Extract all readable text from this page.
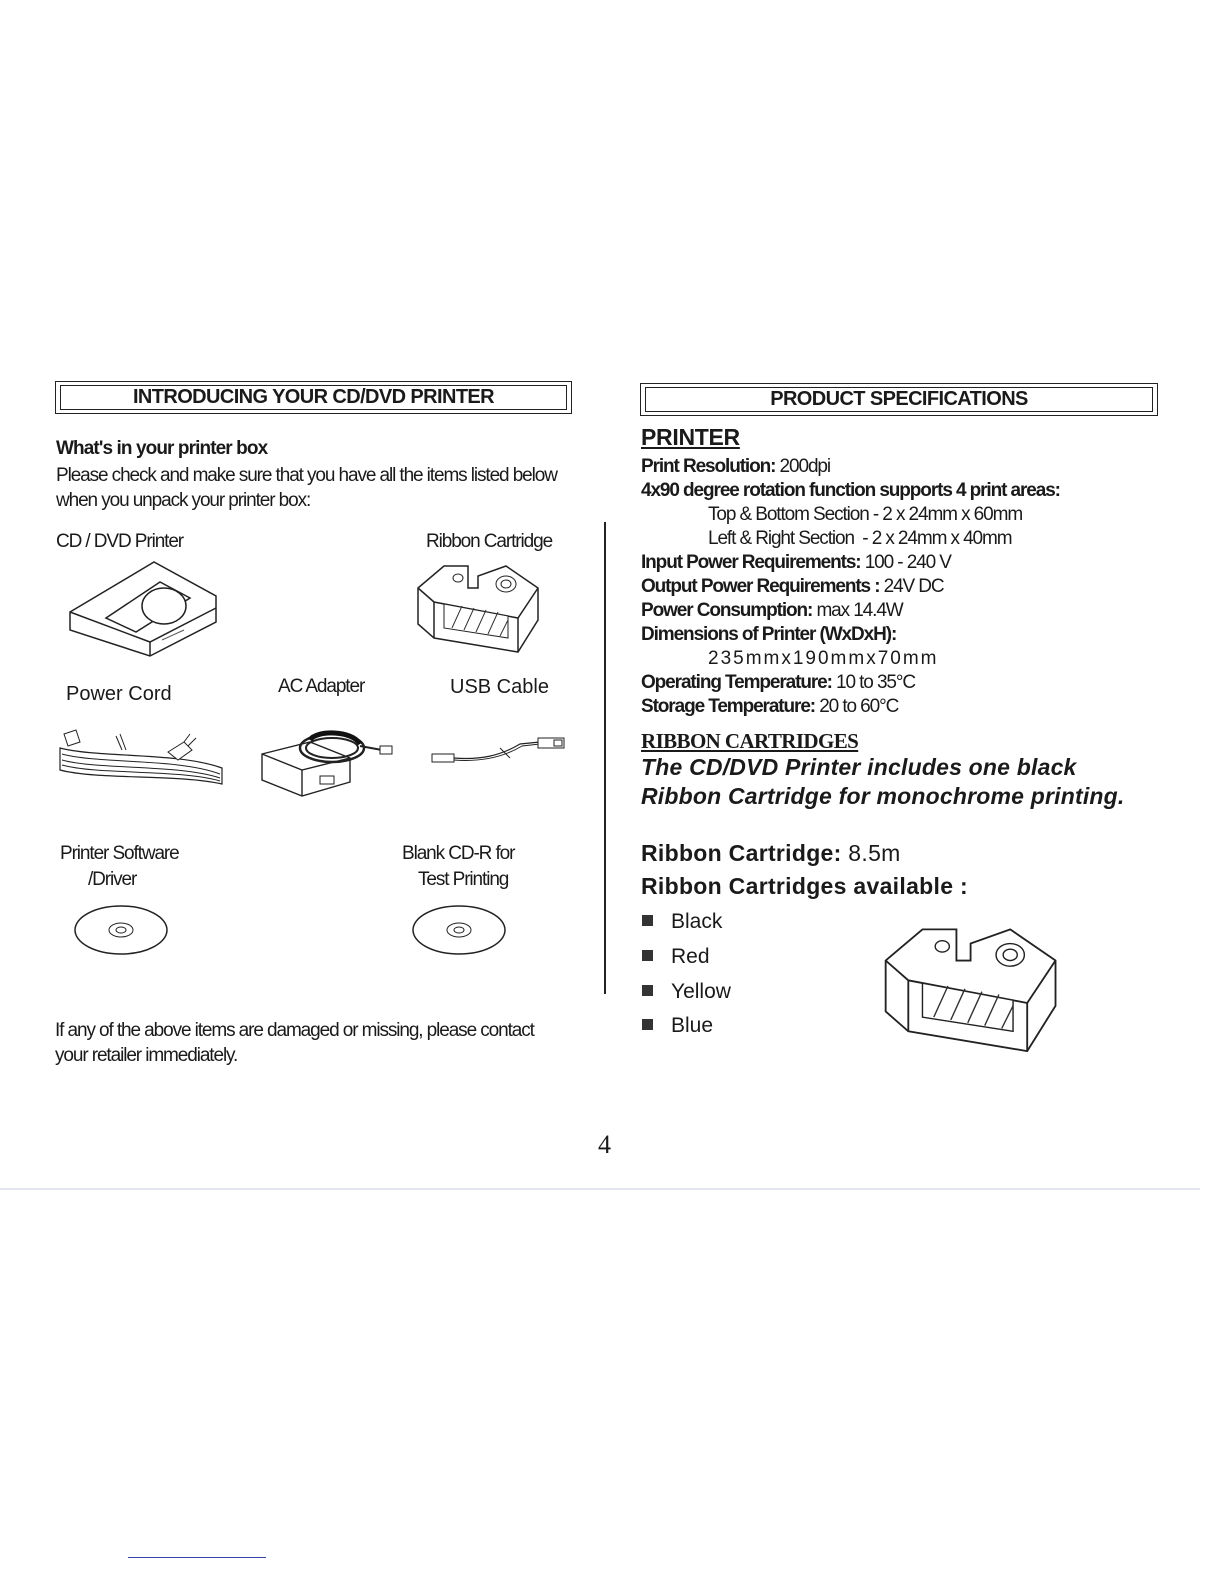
INTRODUCING YOUR CD/DVD PRINTER
What's in your printer box
Please check and make sure that you have all the items listed below
when you unpack your printer box:
CD / DVD Printer	Ribbon Cartridge
Power Cord	AC Adapter	USB Cable
Printer Software
/Driver
Blank CD-R for
Test Printing
If any of the above items are damaged or missing, please contact
your retailer immediately.
PRODUCT SPECIFICATIONS
PRINTER
Print Resolution: 200dpi
4x90 degree rotation function supports 4 print areas:
Top & Bottom Section - 2 x 24mm x 60mm
Left & Right Section  - 2 x 24mm x 40mm
Input Power Requirements: 100 - 240 V
Output Power Requirements : 24V DC
Power Consumption: max 14.4W
Dimensions of Printer (WxDxH):
235mmx190mmx70mm
Operating Temperature: 10 to 35°C
Storage Temperature: 20 to 60°C
RIBBON CARTRIDGES
The CD/DVD Printer includes one black
Ribbon Cartridge for monochrome printing.
Ribbon Cartridge: 8.5m
Ribbon Cartridges available :
Black
Red
Yellow
Blue
4
